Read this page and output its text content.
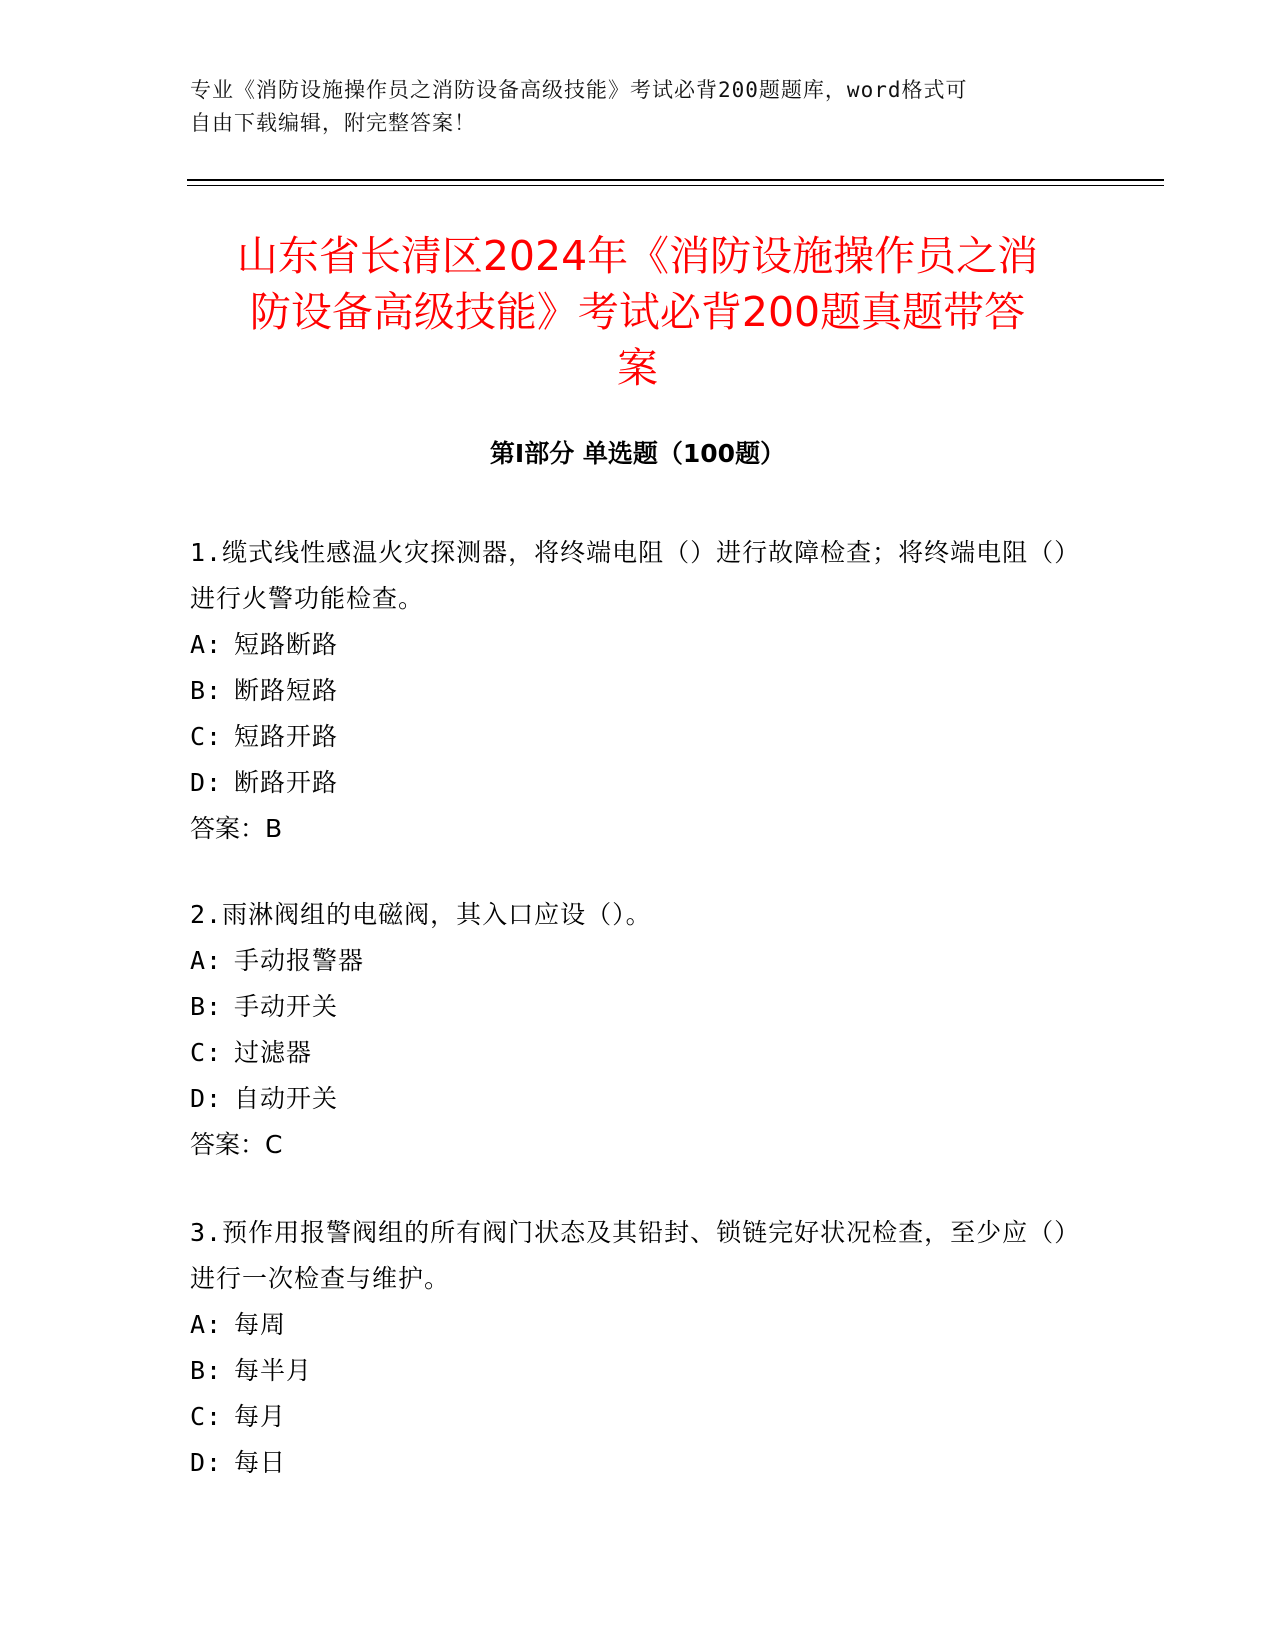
专业《消防设施操作员之消防设备高级技能》考试必背200题题库，word格式可
自由下载编辑，附完整答案！
山东省长清区2024年《消防设施操作员之消
防设备高级技能》考试必背200题真题带答
案
第Ⅰ部分 单选题（100题）

1.缆式线性感温火灾探测器，将终端电阻（）进行故障检查；将终端电阻（）进行火警功能检查。

A: 短路断路
B: 断路短路
C: 短路开路
D: 断路开路
答案：B

2.雨淋阀组的电磁阀，其入口应设（）。

A: 手动报警器
B: 手动开关
C: 过滤器
D: 自动开关
答案：C

3.预作用报警阀组的所有阀门状态及其铅封、锁链完好状况检查，至少应（）进行一次检查与维护。

A: 每周
B: 每半月
C: 每月
D: 每日
